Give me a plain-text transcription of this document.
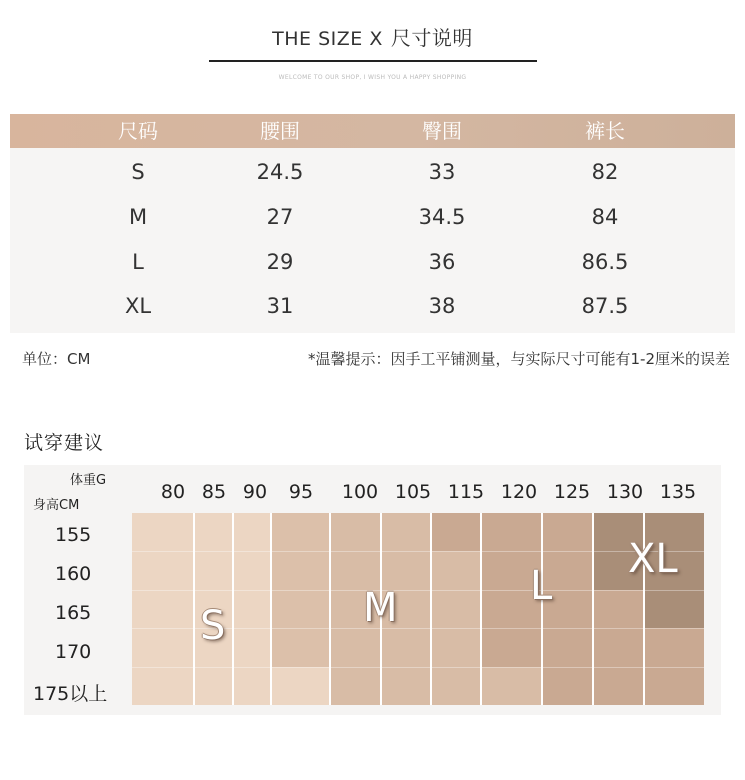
THE SIZE X 尺寸说明
WELCOME TO OUR SHOP, I WISH YOU A HAPPY SHOPPING
尺码	腰围	臀围	裤长
S	24.5	33	82
M	27	34.5	84
L	29	36	86.5
XL	31	38	87.5
单位：CM	*温馨提示：因手工平铺测量，与实际尺寸可能有1-2厘米的误差
试穿建议
体重G
身高CM
80 85 90	95	100 105 115 120 125 130 135
155
160
165
170
175以上
S	M	L
XL
